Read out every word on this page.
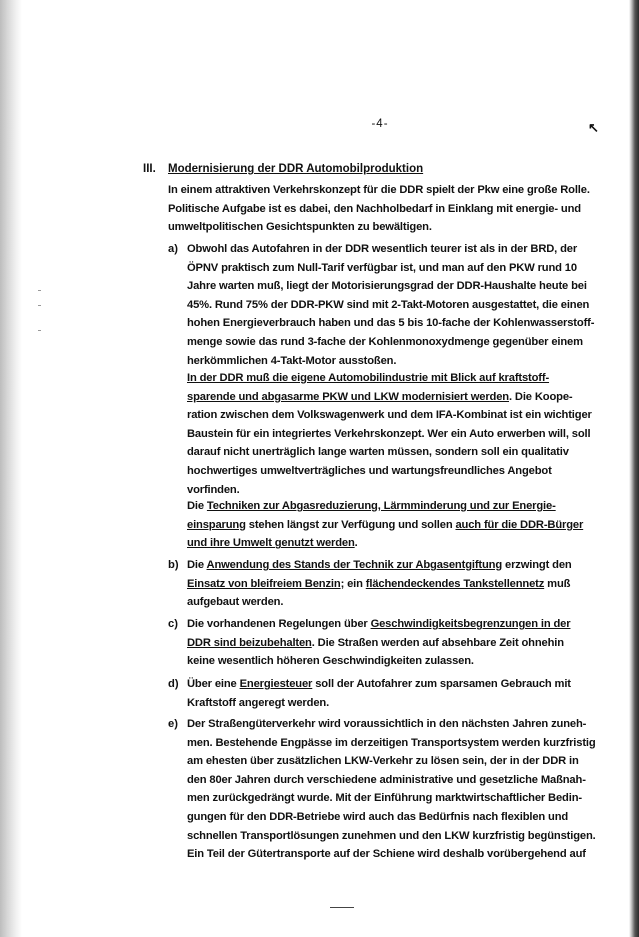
-4-	↖
III. Modernisierung der DDR Automobilproduktion
In einem attraktiven Verkehrskonzept für die DDR spielt der Pkw eine große Rolle.
Politische Aufgabe ist es dabei, den Nachholbedarf in Einklang mit energie- und
umweltpolitischen Gesichtspunkten zu bewältigen.
a) Obwohl das Autofahren in der DDR wesentlich teurer ist als in der BRD, der
ÖPNV praktisch zum Null-Tarif verfügbar ist, und man auf den PKW rund 10
Jahre warten muß, liegt der Motorisierungsgrad der DDR-Haushalte heute bei
45%. Rund 75% der DDR-PKW sind mit 2-Takt-Motoren ausgestattet, die einen
hohen Energieverbrauch haben und das 5 bis 10-fache der Kohlenwasserstoff-
menge sowie das rund 3-fache der Kohlenmonoxydmenge gegenüber einem
herkömmlichen 4-Takt-Motor ausstoßen.
In der DDR muß die eigene Automobilindustrie mit Blick auf kraftstoff-
sparende und abgasarme PKW und LKW modernisiert werden. Die Koope-
ration zwischen dem Volkswagenwerk und dem IFA-Kombinat ist ein wichtiger
Baustein für ein integriertes Verkehrskonzept. Wer ein Auto erwerben will, soll
darauf nicht unerträglich lange warten müssen, sondern soll ein qualitativ
hochwertiges umweltverträgliches und wartungsfreundliches Angebot
vorfinden.
Die Techniken zur Abgasreduzierung, Lärmminderung und zur Energie-
einsparung stehen längst zur Verfügung und sollen auch für die DDR-Bürger
und ihre Umwelt genutzt werden.
b) Die Anwendung des Stands der Technik zur Abgasentgiftung erzwingt den
Einsatz von bleifreiem Benzin; ein flächendeckendes Tankstellennetz muß
aufgebaut werden.
c) Die vorhandenen Regelungen über Geschwindigkeitsbegrenzungen in der
DDR sind beizubehalten. Die Straßen werden auf absehbare Zeit ohnehin
keine wesentlich höheren Geschwindigkeiten zulassen.
d) Über eine Energiesteuer soll der Autofahrer zum sparsamen Gebrauch mit
Kraftstoff angeregt werden.
e) Der Straßengüterverkehr wird voraussichtlich in den nächsten Jahren zuneh-
men. Bestehende Engpässe im derzeitigen Transportsystem werden kurzfristig
am ehesten über zusätzlichen LKW-Verkehr zu lösen sein, der in der DDR in
den 80er Jahren durch verschiedene administrative und gesetzliche Maßnah-
men zurückgedrängt wurde. Mit der Einführung marktwirtschaftlicher Bedin-
gungen für den DDR-Betriebe wird auch das Bedürfnis nach flexiblen und
schnellen Transportlösungen zunehmen und den LKW kurzfristig begünstigen.
Ein Teil der Gütertransporte auf der Schiene wird deshalb vorübergehend auf
